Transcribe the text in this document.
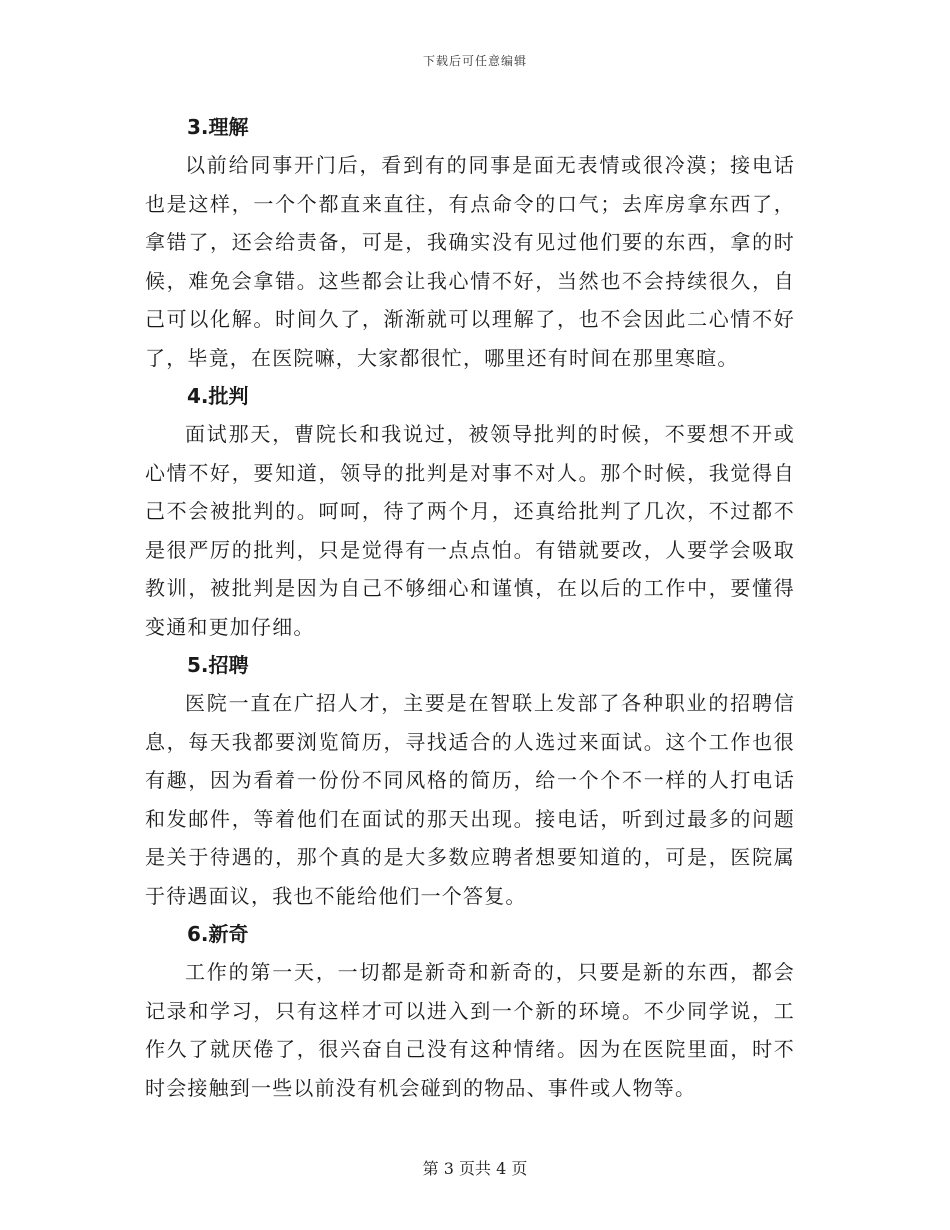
下载后可任意编辑
3.理解

以前给同事开门后，看到有的同事是面无表情或很冷漠；接电话也是这样，一个个都直来直往，有点命令的口气；去库房拿东西了，拿错了，还会给责备，可是，我确实没有见过他们要的东西，拿的时候，难免会拿错。这些都会让我心情不好，当然也不会持续很久，自己可以化解。时间久了，渐渐就可以理解了，也不会因此二心情不好了，毕竟，在医院嘛，大家都很忙，哪里还有时间在那里寒暄。

4.批判

面试那天，曹院长和我说过，被领导批判的时候，不要想不开或心情不好，要知道，领导的批判是对事不对人。那个时候，我觉得自己不会被批判的。呵呵，待了两个月，还真给批判了几次，不过都不是很严厉的批判，只是觉得有一点点怕。有错就要改，人要学会吸取教训，被批判是因为自己不够细心和谨慎，在以后的工作中，要懂得变通和更加仔细。

5.招聘

医院一直在广招人才，主要是在智联上发部了各种职业的招聘信息，每天我都要浏览简历，寻找适合的人选过来面试。这个工作也很有趣，因为看着一份份不同风格的简历，给一个个不一样的人打电话和发邮件，等着他们在面试的那天出现。接电话，听到过最多的问题是关于待遇的，那个真的是大多数应聘者想要知道的，可是，医院属于待遇面议，我也不能给他们一个答复。

6.新奇

工作的第一天，一切都是新奇和新奇的，只要是新的东西，都会记录和学习，只有这样才可以进入到一个新的环境。不少同学说，工作久了就厌倦了，很兴奋自己没有这种情绪。因为在医院里面，时不时会接触到一些以前没有机会碰到的物品、事件或人物等。

第 3 页共 4 页
